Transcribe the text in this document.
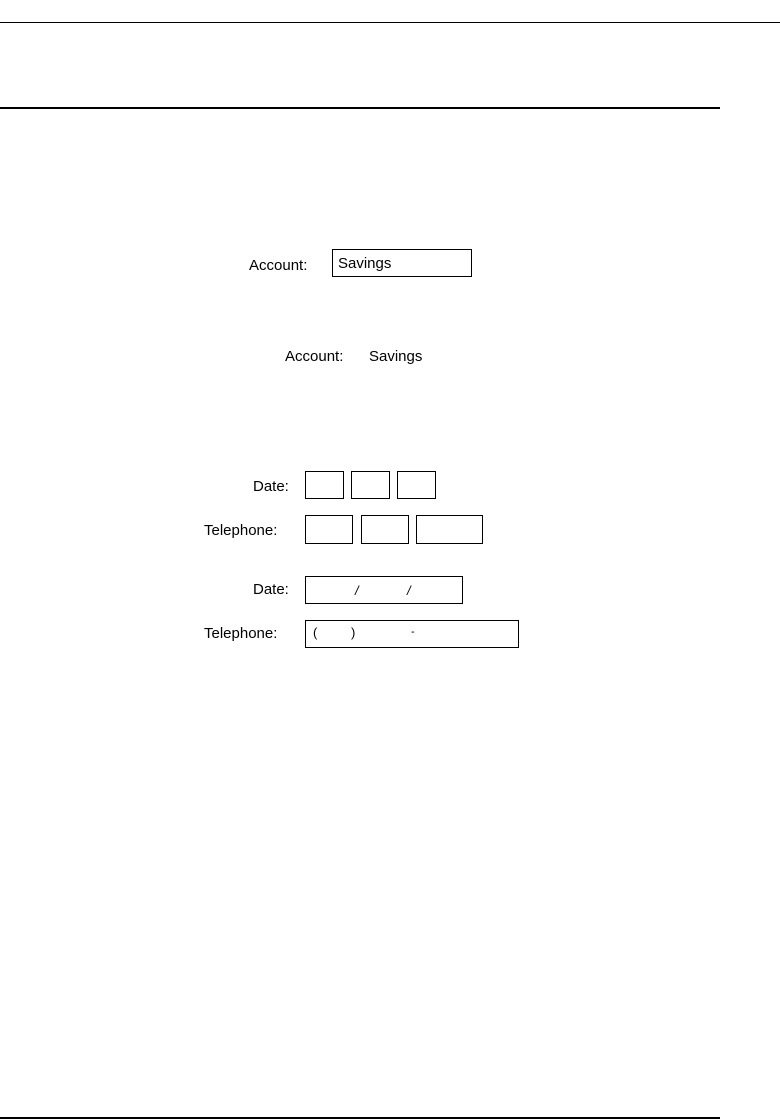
Account: Savings
Account: Savings
Date:
Telephone:
Date:	/	/
Telephone:	(	)	-
